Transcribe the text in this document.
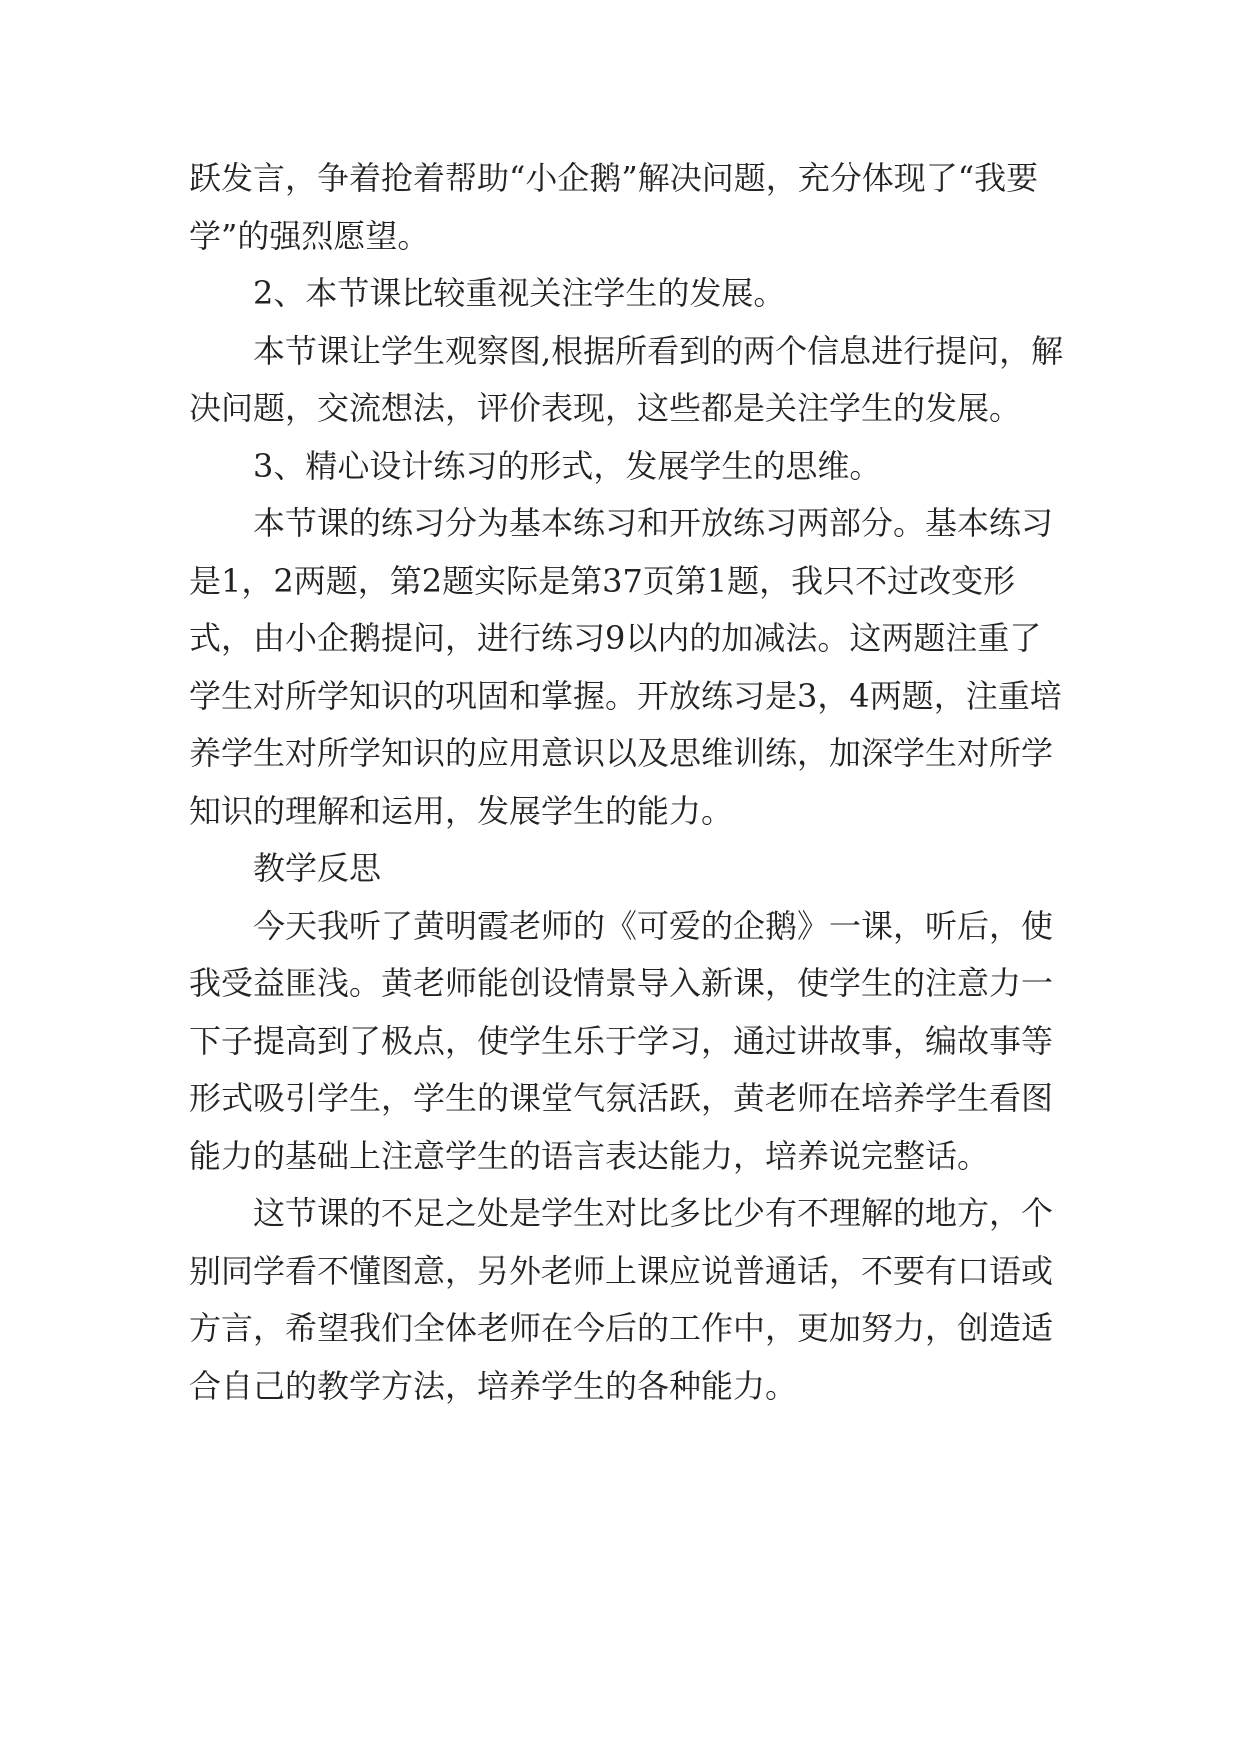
跃发言，争着抢着帮助“小企鹅”解决问题，充分体现了“我要学”的强烈愿望。

2、本节课比较重视关注学生的发展。

本节课让学生观察图,根据所看到的两个信息进行提问，解决问题，交流想法，评价表现，这些都是关注学生的发展。

3、精心设计练习的形式，发展学生的思维。

本节课的练习分为基本练习和开放练习两部分。基本练习是1，2两题，第2题实际是第37页第1题，我只不过改变形式，由小企鹅提问，进行练习9以内的加减法。这两题注重了学生对所学知识的巩固和掌握。开放练习是3，4两题，注重培养学生对所学知识的应用意识以及思维训练，加深学生对所学知识的理解和运用，发展学生的能力。

教学反思

今天我听了黄明霞老师的《可爱的企鹅》一课，听后，使我受益匪浅。黄老师能创设情景导入新课，使学生的注意力一下子提高到了极点，使学生乐于学习，通过讲故事，编故事等形式吸引学生，学生的课堂气氛活跃，黄老师在培养学生看图能力的基础上注意学生的语言表达能力，培养说完整话。

这节课的不足之处是学生对比多比少有不理解的地方，个别同学看不懂图意，另外老师上课应说普通话，不要有口语或方言，希望我们全体老师在今后的工作中，更加努力，创造适合自己的教学方法，培养学生的各种能力。
